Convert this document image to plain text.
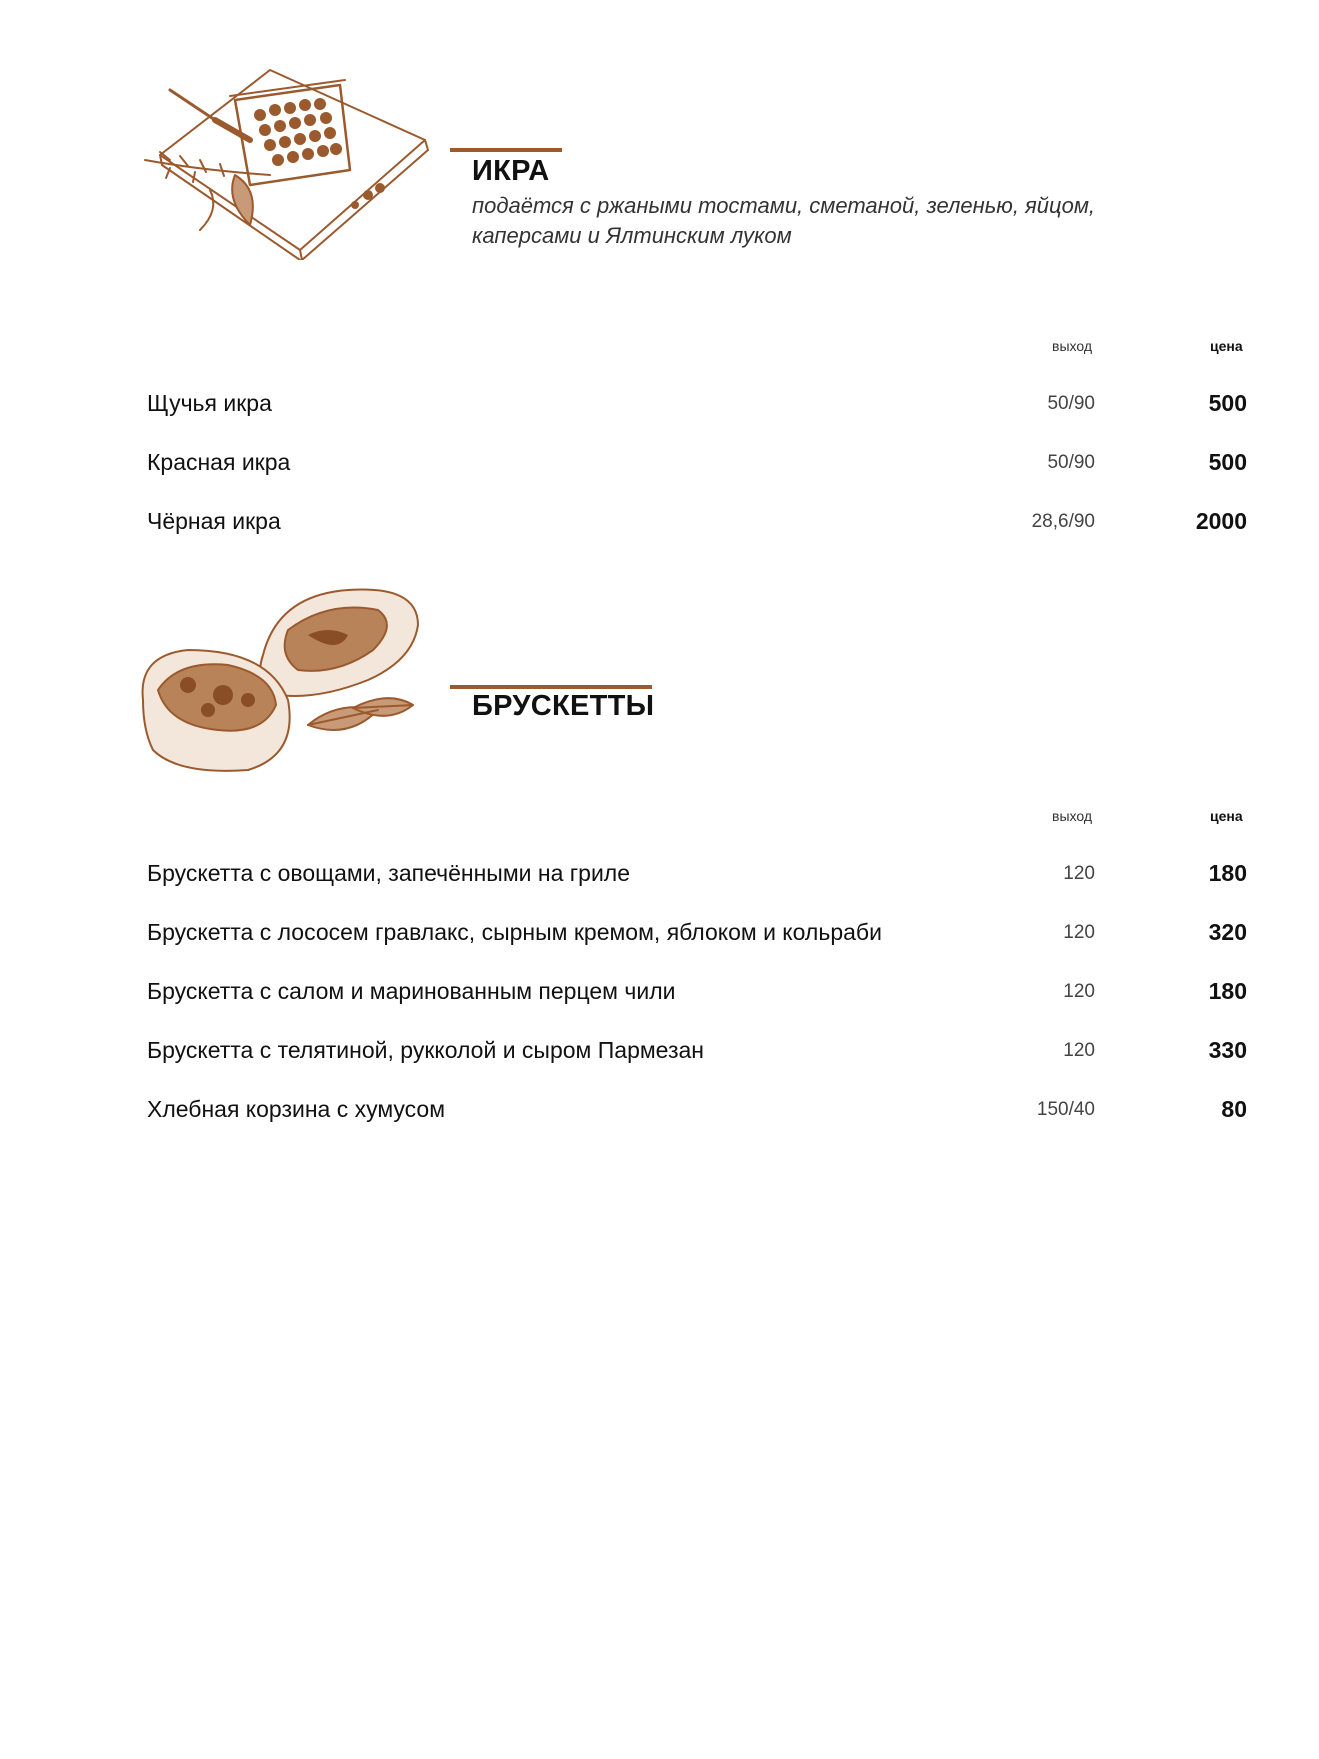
ИКРА
подаётся с ржаными тостами, сметаной, зеленью, яйцом,
каперсами и Ялтинским луком
выход	цена
Щучья икра	50/90	500
Красная икра	50/90	500
Чёрная икра	28,6/90	2000
БРУСКЕТТЫ
выход	цена
Брускетта с овощами, запечёнными на гриле	120	180
Брускетта с лососем гравлакс, сырным кремом, яблоком и кольраби	120	320
Брускетта с салом и маринованным перцем чили	120	180
Брускетта с телятиной, рукколой и сыром Пармезан	120	330
Хлебная корзина с хумусом	150/40	80
